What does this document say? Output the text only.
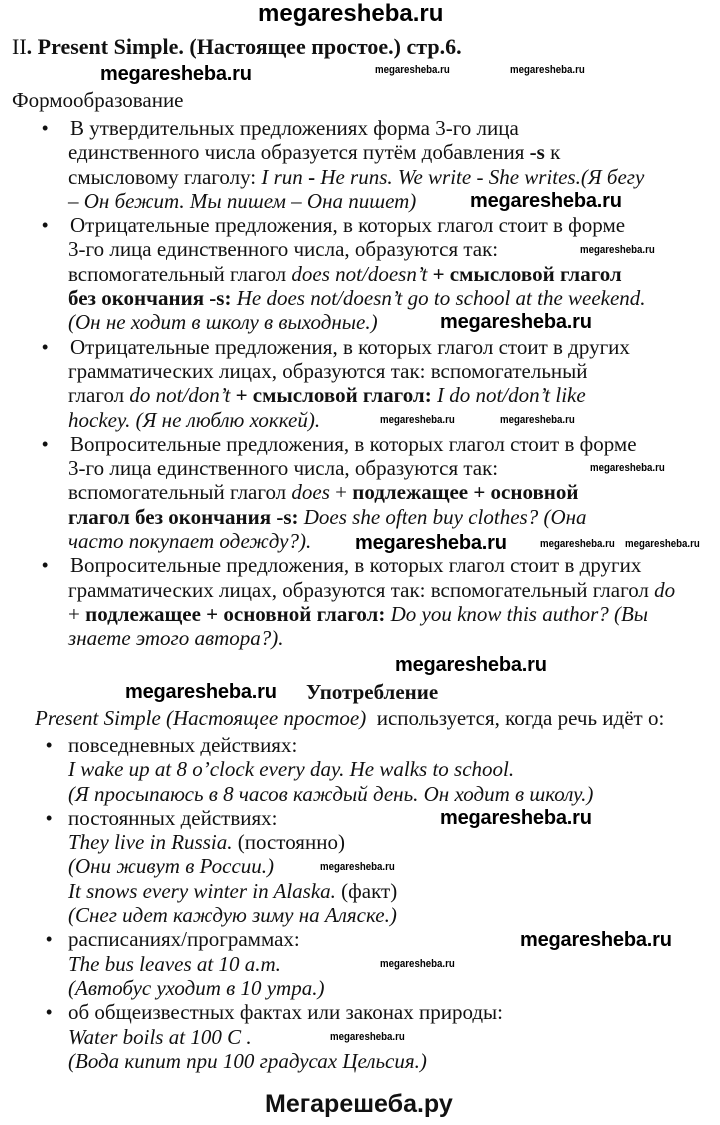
megaresheba.ru
II. Present Simple. (Настоящее простое.) стр.6.
Формообразование
•	В утвердительных предложениях форма 3-го лица
единственного числа образуется путём добавления -s к
смысловому глаголу: I run - He runs. We write - She writes.(Я бегу
– Он бежит. Мы пишем – Она пишет)
•	Отрицательные предложения, в которых глагол стоит в форме
3-го лица единственного числа, образуются так:
вспомогательный глагол does not/doesn’t + смысловой глагол
без окончания -s: He does not/doesn’t go to school at the weekend.
(Он не ходит в школу в выходные.)
•	Отрицательные предложения, в которых глагол стоит в других
грамматических лицах, образуются так: вспомогательный
глагол do not/don’t + смысловой глагол: I do not/don’t like
hockey. (Я не люблю хоккей).
•	Вопросительные предложения, в которых глагол стоит в форме
3-го лица единственного числа, образуются так:
вспомогательный глагол does + подлежащее + основной
глагол без окончания -s: Does she often buy clothes? (Она
часто покупает одежду?).
•	Вопросительные предложения, в которых глагол стоит в других
грамматических лицах, образуются так: вспомогательный глагол do
+ подлежащее + основной глагол: Do you know this author? (Вы
знаете этого автора?).
Употребление
Present Simple (Настоящее простое)  используется, когда речь идёт о:
• повседневных действиях:
I wake up at 8 o’clock every day. He walks to school.
(Я просыпаюсь в 8 часов каждый день. Он ходит в школу.)
• постоянных действиях:
They live in Russia. (постоянно)
(Они живут в России.)
It snows every winter in Alaska. (факт)
(Снег идет каждую зиму на Аляске.)
• расписаниях/программах:
The bus leaves at 10 a.m.
(Автобус уходит в 10 утра.)
• об общеизвестных фактах или законах природы:
Water boils at 100 C .
(Вода кипит при 100 градусах Цельсия.)
megaresheba.ru	megaresheba.ru	megaresheba.ru
megaresheba.ru
megaresheba.ru
megaresheba.ru
megaresheba.ru
megaresheba.ru
megaresheba.ru
megaresheba.ru megaresheba.ru
megaresheba.ru
megaresheba.ru
megaresheba.ru
megaresheba.ru
megaresheba.ru
megaresheba.ru
megaresheba.ru
megaresheba.ru
Мегарешеба.ру
